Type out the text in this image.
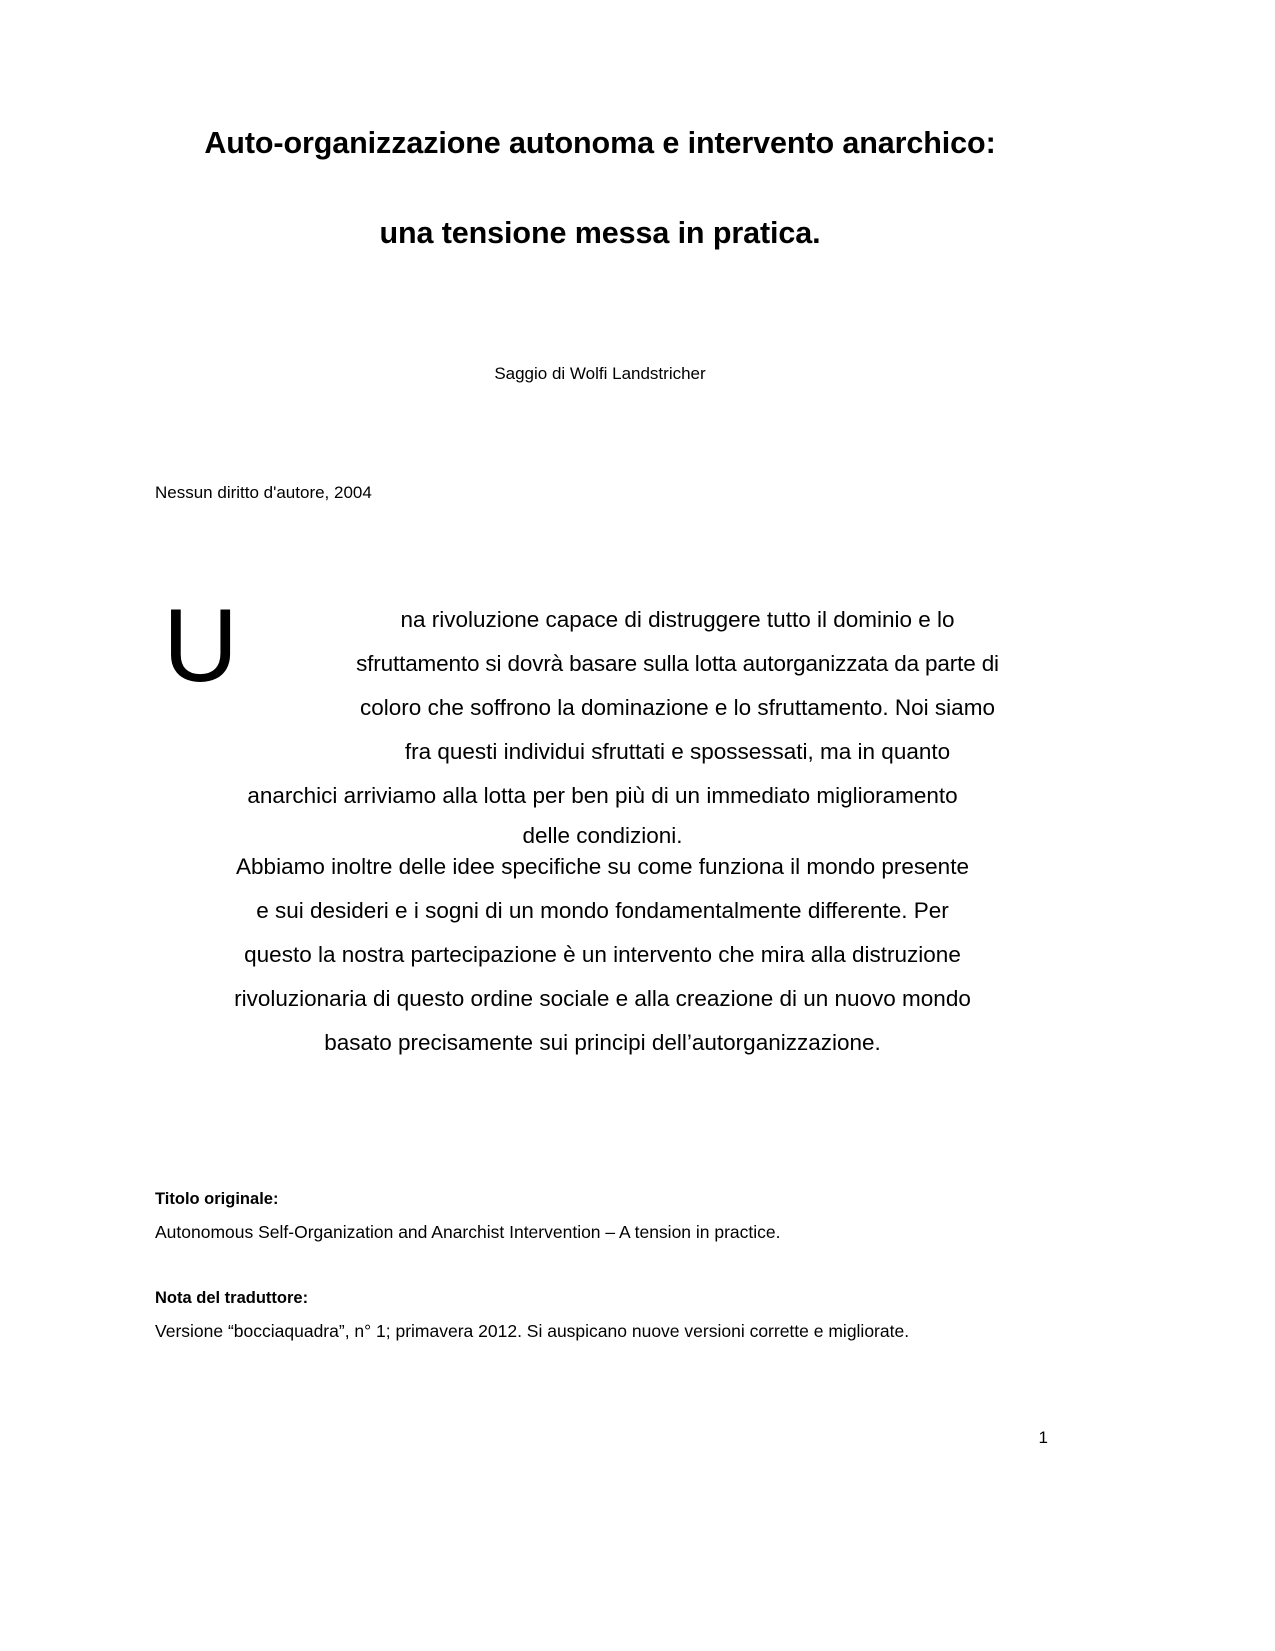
Auto-organizzazione autonoma e intervento anarchico:
una tensione messa in pratica.
Saggio di Wolfi Landstricher
Nessun diritto d'autore, 2004
U	na rivoluzione capace di distruggere tutto il dominio e lo
sfruttamento si dovrà basare sulla lotta autorganizzata da parte di
coloro che soffrono la dominazione e lo sfruttamento. Noi siamo
fra questi individui sfruttati e spossessati, ma in quanto
anarchici arriviamo alla lotta per ben più di un immediato miglioramento
delle condizioni.
Abbiamo inoltre delle idee specifiche su come funziona il mondo presente
e sui desideri e i sogni di un mondo fondamentalmente differente. Per
questo la nostra partecipazione è un intervento che mira alla distruzione
rivoluzionaria di questo ordine sociale e alla creazione di un nuovo mondo
basato precisamente sui principi dell’autorganizzazione.
Titolo originale:
Autonomous Self-Organization and Anarchist Intervention – A tension in practice.
Nota del traduttore:
Versione “bocciaquadra”, n° 1; primavera 2012. Si auspicano nuove versioni corrette e migliorate.
1
